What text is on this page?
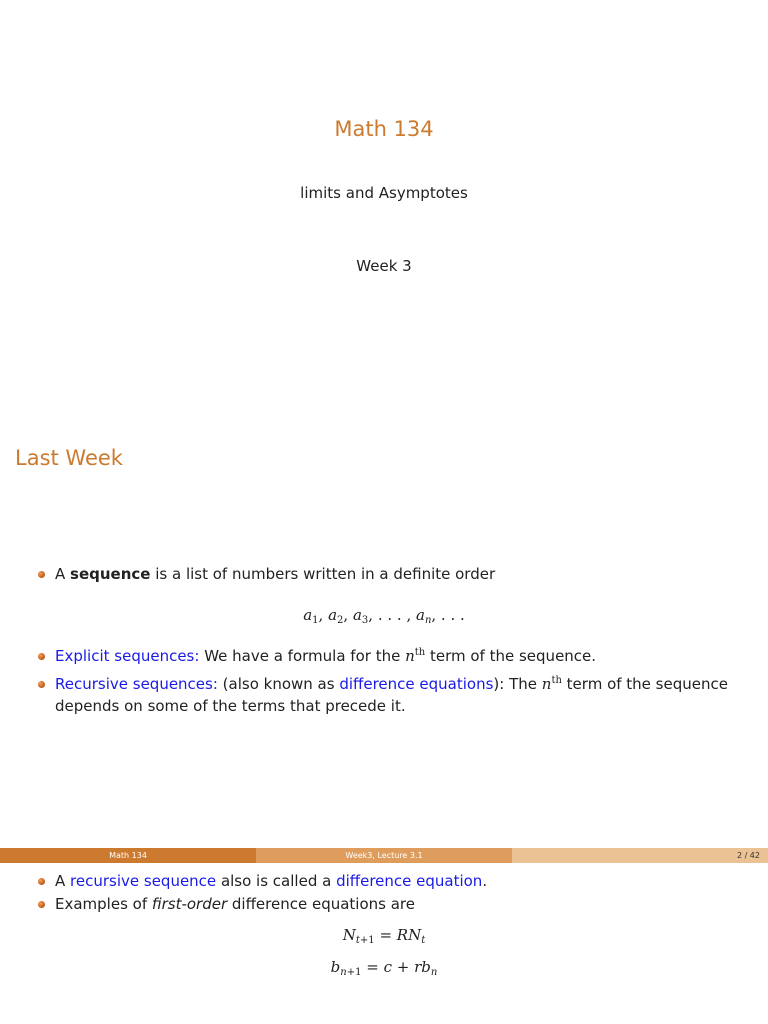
Math 134
limits and Asymptotes
Week 3
Last Week
A sequence is a list of numbers written in a definite order
$a_1$, $a_2$, $a_3$, . . . , $a_n$, . . .
Explicit sequences: We have a formula for the $n^{th}$ term of the sequence.
Recursive sequences: (also known as difference equations): The $n^{th}$ term of the sequence depends on some of the terms that precede it.
Math 134	Week3, Lecture 3.1	2 / 42
A recursive sequence also is called a difference equation.
Examples of first-order difference equations are
$N_{t+1} = RN_t$
$b_{n+1} = c + rb_n$
